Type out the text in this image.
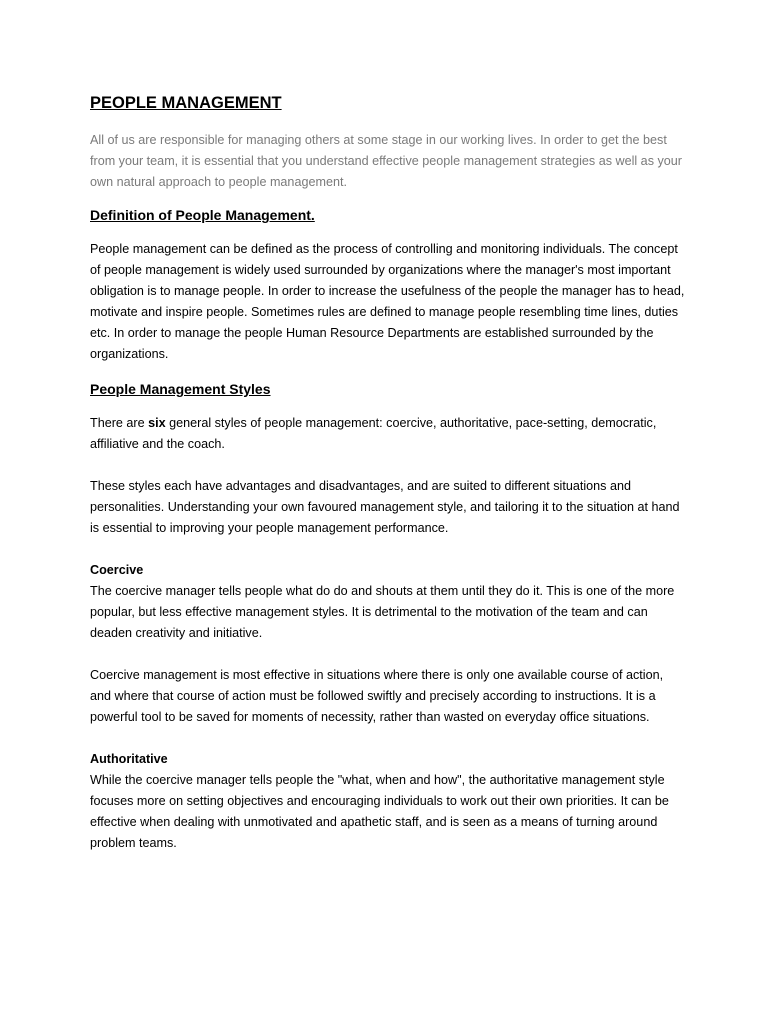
PEOPLE MANAGEMENT
All of us are responsible for managing others at some stage in our working lives. In order to get the best from your team, it is essential that you understand effective people management strategies as well as your own natural approach to people management.
Definition of People Management.
People management can be defined as the process of controlling and monitoring individuals. The concept of people management is widely used surrounded by organizations where the manager's most important obligation is to manage people. In order to increase the usefulness of the people the manager has to head, motivate and inspire people. Sometimes rules are defined to manage people resembling time lines, duties etc. In order to manage the people Human Resource Departments are established surrounded by the organizations.
People Management Styles
There are six general styles of people management: coercive, authoritative, pace-setting, democratic, affiliative and the coach.
These styles each have advantages and disadvantages, and are suited to different situations and personalities. Understanding your own favoured management style, and tailoring it to the situation at hand is essential to improving your people management performance.
Coercive
The coercive manager tells people what do do and shouts at them until they do it. This is one of the more popular, but less effective management styles. It is detrimental to the motivation of the team and can deaden creativity and initiative.
Coercive management is most effective in situations where there is only one available course of action, and where that course of action must be followed swiftly and precisely according to instructions. It is a powerful tool to be saved for moments of necessity, rather than wasted on everyday office situations.
Authoritative
While the coercive manager tells people the "what, when and how", the authoritative management style focuses more on setting objectives and encouraging individuals to work out their own priorities. It can be effective when dealing with unmotivated and apathetic staff, and is seen as a means of turning around problem teams.
